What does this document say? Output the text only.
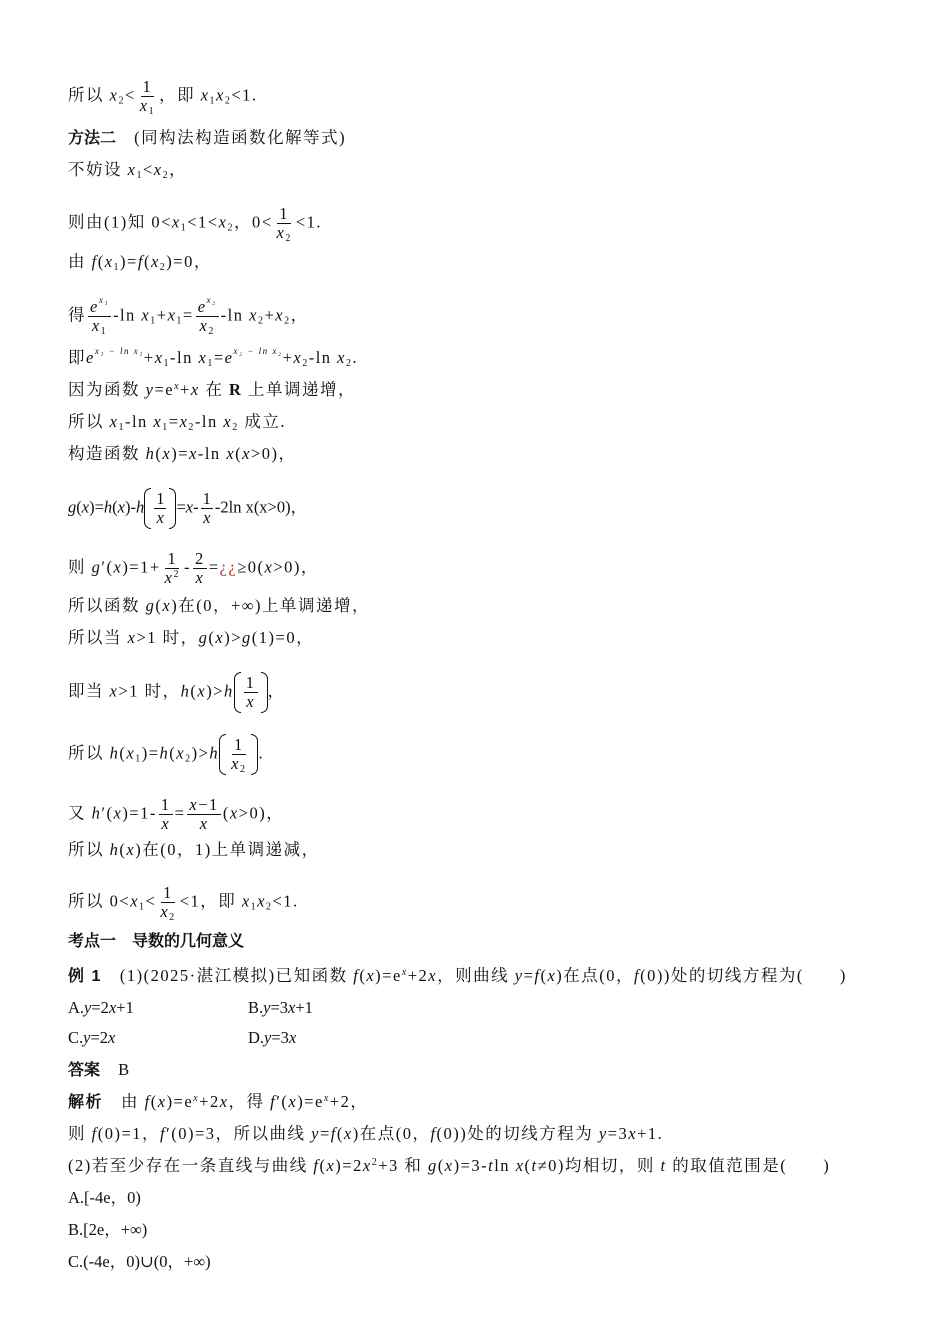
所以 $x_2< \frac{1}{x_1}$ ，即 $x_1x_2<1$.
方法二 (同构法构造函数化解等式)
不妨设 $x_1<x_2$，
则由(1)知 $0<x_1<1<x_2$，$0< \frac{1}{x_2} <1$.
由 $f(x_1)=f(x_2)=0$，
得 $\frac{e^{x_1}}{x_1} -\ln$ $x_1+x_1= \frac{e^{x_2}}{x_2} -\ln$ $x_2+x_2$，
即$e^{x_1 - ln x_1}+x_1-\ln$ $x_1=e^{x_2 - ln x_2}+x_2-\ln$ $x_2$.
因为函数 $y=e^x+x$ 在 R 上单调递增，
所以 $x_1-\ln$ $x_1=x_2-\ln$ $x_2$ 成立.
构造函数 h(x)=x-ln x(x>0)，
$g(x)=h(x)-h \frac{1}{x} =x- \frac{1}{x} -2\ln$ x(x>0)，
则 $g'(x)=1+ \frac{1}{x^2} - \frac{2}{x}$ =¿¿≥0(x>0)，
所以函数 g(x)在(0，+∞)上单调递增，
所以当 x>1 时，g(x)>g(1)=0，
即当 x>1 时，$h(x)>h \frac{1}{x}$ ，
所以 $h(x_1)=h(x_2)>h \frac{1}{x_2}$ .
又 $h'(x)=1- \frac{1}{x} = \frac{x-1}{x} (x>0)$，
所以 h(x)在(0，1)上单调递减，
所以 $0<x_1< \frac{1}{x_2} <1$，即 $x_1x_2<1$.
考点一　导数的几何意义
例 1　(1)(2025·湛江模拟)已知函数 $f(x)=e^x+2x$，则曲线 y=f(x)在点(0，f(0))处的切线方程为(　　)
A.y=2x+1	B.y=3x+1
C.y=2x	D.y=3x
答案 B
解析　由 $f(x)=e^x+2x$，得 $f'(x)=e^x+2$，
则 f(0)=1，f′(0)=3，所以曲线 y=f(x)在点(0，f(0))处的切线方程为 y=3x+1.
(2)若至少存在一条直线与曲线 $f(x)=2x^2+3$ 和 g(x)=3-tln x(t≠0)均相切，则 t 的取值范围是(　　)
A.[-4e，0)
B.[2e，+∞)
C.(-4e，0)∪(0，+∞)
